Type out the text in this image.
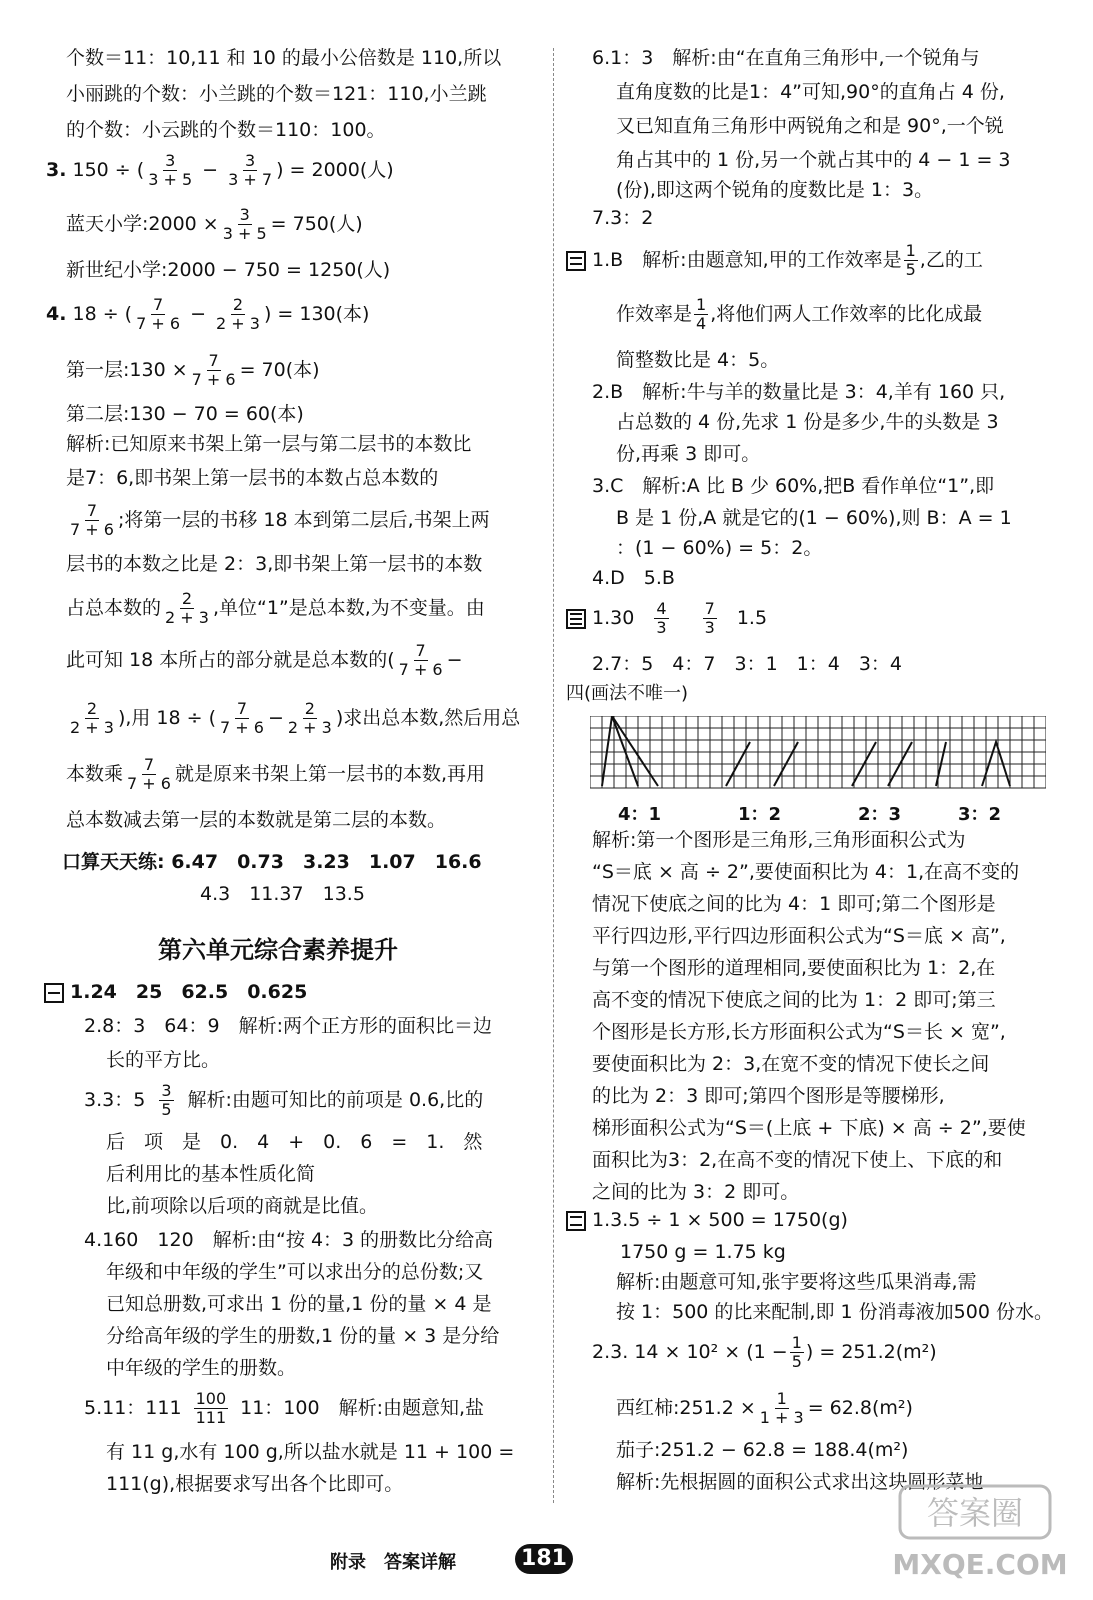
个数＝11：10,11 和 10 的最小公倍数是 110,所以
小丽跳的个数：小兰跳的个数＝121：110,小兰跳
的个数：小云跳的个数＝110：100。
3. 150 ÷ ( $\frac{3}{3 + 5} - \frac{3}{3 + 7}$ ) = 2000(人)
蓝天小学:2000 × $\frac{3}{3 + 5} = 750$(人)
新世纪小学:2000 − 750 = 1250(人)
4. 18 ÷ ( $\frac{7}{7 + 6} - \frac{2}{2 + 3}$ ) = 130(本)
第一层:130 × $\frac{7}{7 + 6} = 70$(本)
第二层:130 − 70 = 60(本)
解析:已知原来书架上第一层与第二层书的本数比
是7：6,即书架上第一层书的本数占总本数的
$\frac{7}{7 + 6}$ ;将第一层的书移 18 本到第二层后,书架上两
层书的本数之比是 2：3,即书架上第一层书的本数
占总本数的 $\frac{2}{2 + 3}$ ,单位“1”是总本数,为不变量。由
此可知 18 本所占的部分就是总本数的( $\frac{7}{7 + 6}$ −
$\frac{2}{2 + 3}$ ),用 18 ÷ ( $\frac{7}{7 + 6} - \frac{2}{2 + 3}$ )求出总本数,然后用总
本数乘 $\frac{7}{7 + 6}$ 就是原来书架上第一层书的本数,再用
总本数减去第一层的本数就是第二层的本数。
口算天天练: 6.47　0.73　3.23　1.07　16.6
4.3　11.37　13.5
第六单元综合素养提升
1.24　25　62.5　0.625
2.8：3　64：9　解析:两个正方形的面积比＝边
长的平方比。
3.3：$5 \frac{3}{5}$ 解析:由题可知比的前项是 0.6,比的
后　项　是　0.　4　+　0.　6　=　1.　然
后利用比的基本性质化简
比,前项除以后项的商就是比值。
4.160　120　解析:由“按 4：3 的册数比分给高
年级和中年级的学生”可以求出分的总份数;又
已知总册数,可求出 1 份的量,1 份的量 × 4 是
分给高年级的学生的册数,1 份的量 × 3 是分给
中年级的学生的册数。
5.11：$111 \frac{100}{111} 11$：100　解析:由题意知,盐
有 11 g,水有 100 g,所以盐水就是 11 + 100 =
111(g),根据要求写出各个比即可。
6.1：3　解析:由“在直角三角形中,一个锐角与
直角度数的比是1：4”可知,90°的直角占 4 份,
又已知直角三角形中两锐角之和是 90°,一个锐
角占其中的 1 份,另一个就占其中的 4 − 1 = 3
(份),即这两个锐角的度数比是 1：3。
7.3：2
1.B　解析:由题意知,甲的工作效率是 $\frac{1}{5}$ ,乙的工
作效率是 $\frac{1}{4}$ ,将他们两人工作效率的比化成最
简整数比是 4：5。
2.B　解析:牛与羊的数量比是 3：4,羊有 160 只,
占总数的 4 份,先求 1 份是多少,牛的头数是 3
份,再乘 3 即可。
3.C　解析:A 比 B 少 60%,把B 看作单位“1”,即
B 是 1 份,A 就是它的(1 − 60%),则 B：A = 1
：(1 − 60%) = 5：2。
4.D　5.B
$1.30 \frac{4}{3}$
$\frac{7}{3} 1.5$
2.7：5　4：7　3：1　1：4　3：4
四(画法不唯一)
4：1	1：2	2：3	3：2
解析:第一个图形是三角形,三角形面积公式为
“S＝底 × 高 ÷ 2”,要使面积比为 4：1,在高不变的
情况下使底之间的比为 4：1 即可;第二个图形是
平行四边形,平行四边形面积公式为“S＝底 × 高”,
与第一个图形的道理相同,要使面积比为 1：2,在
高不变的情况下使底之间的比为 1：2 即可;第三
个图形是长方形,长方形面积公式为“S＝长 × 宽”,
要使面积比为 2：3,在宽不变的情况下使长之间
的比为 2：3 即可;第四个图形是等腰梯形,
梯形面积公式为“S＝(上底 + 下底) × 高 ÷ 2”,要使
面积比为3：2,在高不变的情况下使上、下底的和
之间的比为 3：2 即可。
1.3.5 ÷ 1 × 500 = 1750(g)
1750 g = 1.75 kg
解析:由题意可知,张宇要将这些瓜果消毒,需
按 1：500 的比来配制,即 1 份消毒液加500 份水。
2.3. $14 \times 10^2 \times (1 - \frac{1}{5}$ ) = 251.2(m²)
西红柿:251.2 × $\frac{1}{1 + 3} = 62.8(m^2)$
茄子:251.2 − 62.8 = 188.4(m²)
解析:先根据圆的面积公式求出这块圆形菜地
附录　答案详解	181
答案圈
MXQE.COM
